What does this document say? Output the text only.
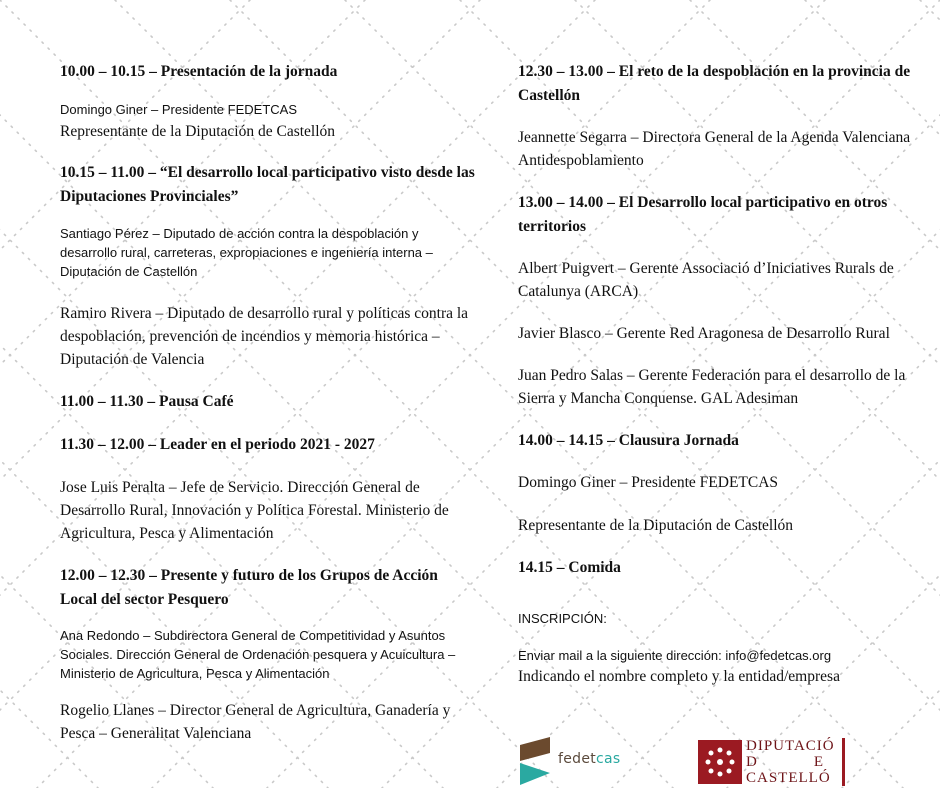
10.00 – 10.15 – Presentación de la jornada

Domingo Giner – Presidente FEDETCAS

Representante de la Diputación de Castellón

10.15 – 11.00 – “El desarrollo local participativo visto desde las Diputaciones Provinciales”

Santiago Pérez – Diputado de acción contra la despoblación y desarrollo rural, carreteras, expropiaciones e ingeniería interna – Diputación de Castellón

Ramiro Rivera – Diputado de desarrollo rural y políticas contra la despoblación, prevención de incendios y memoria histórica – Diputación de Valencia

11.00 – 11.30 – Pausa Café

11.30 – 12.00 – Leader en el periodo 2021 - 2027

Jose Luis Peralta – Jefe de Servicio. Dirección General de Desarrollo Rural, Innovación y Política Forestal. Ministerio de Agricultura, Pesca y Alimentación

12.00 – 12.30 – Presente y futuro de los Grupos de Acción Local del sector Pesquero

Ana Redondo – Subdirectora General de Competitividad y Asuntos Sociales. Dirección General de Ordenación pesquera y Acuicultura – Ministerio de Agricultura, Pesca y Alimentación

Rogelio Llanes – Director General de Agricultura, Ganadería y Pesca – Generalitat Valenciana

12.30 – 13.00 – El reto de la despoblación en la provincia de Castellón

Jeannette Segarra – Directora General de la Agenda Valenciana Antidespoblamiento

13.00 – 14.00 – El Desarrollo local participativo en otros territorios

Albert Puigvert – Gerente Associació d’Iniciatives Rurals de Catalunya (ARCA)

Javier Blasco – Gerente Red Aragonesa de Desarrollo Rural

Juan Pedro Salas – Gerente Federación para el desarrollo de la Sierra y Mancha Conquense. GAL Adesiman

14.00 – 14.15 – Clausura Jornada

Domingo Giner – Presidente FEDETCAS

Representante de la Diputación de Castellón

14.15 – Comida

INSCRIPCIÓN:

Enviar mail a la siguiente dirección: info@fedetcas.org

Indicando el nombre completo y la entidad/empresa

fedetcas
DIPUTACIÓ
D	E
CASTELLÓ
